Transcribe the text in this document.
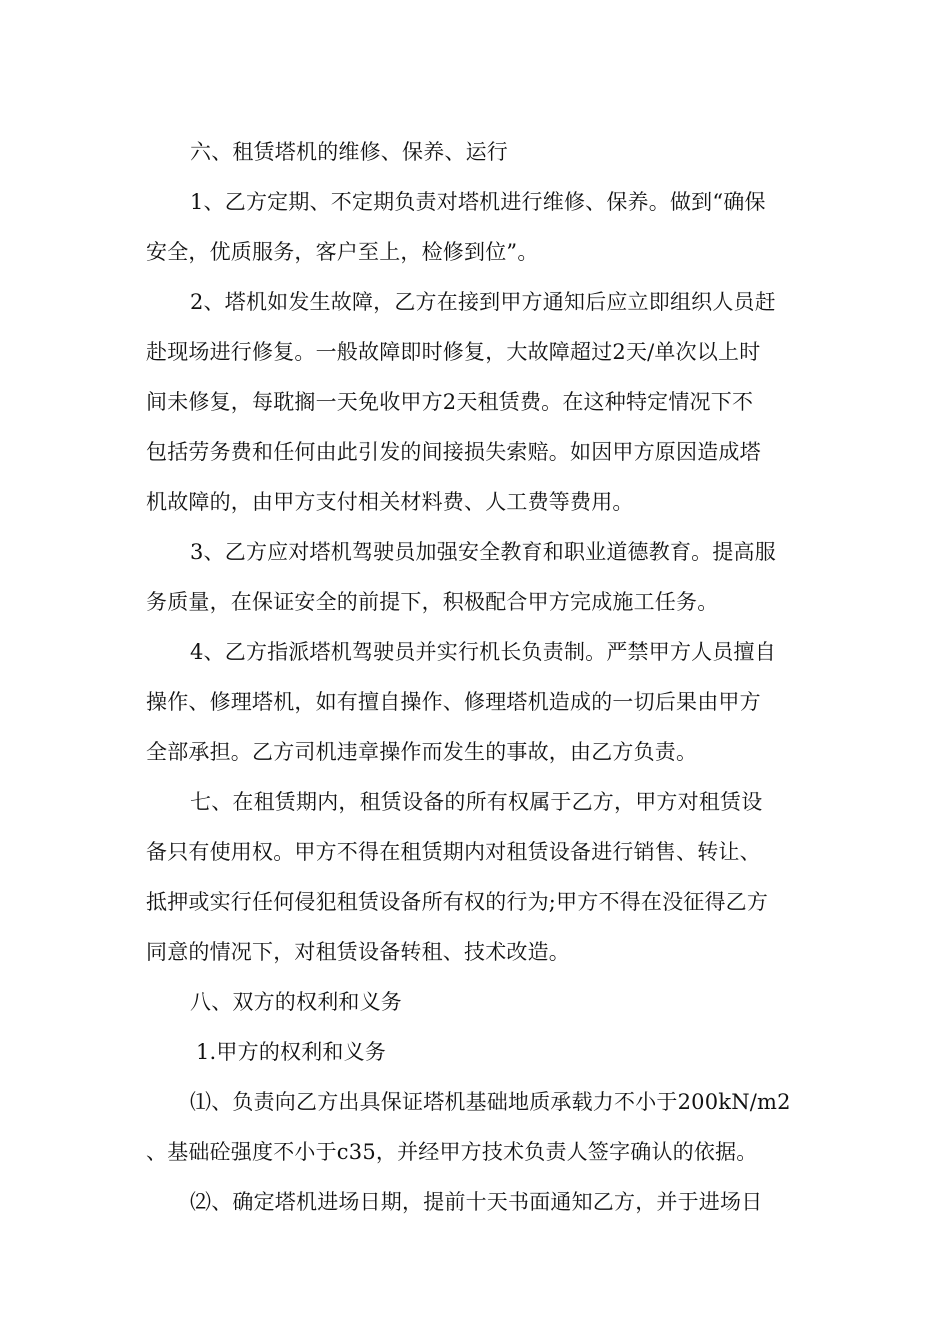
六、租赁塔机的维修、保养、运行
1、乙方定期、不定期负责对塔机进行维修、保养。做到“确保
安全，优质服务，客户至上，检修到位”。
2、塔机如发生故障，乙方在接到甲方通知后应立即组织人员赶
赴现场进行修复。一般故障即时修复，大故障超过2天/单次以上时
间未修复，每耽搁一天免收甲方2天租赁费。在这种特定情况下不
包括劳务费和任何由此引发的间接损失索赔。如因甲方原因造成塔
机故障的，由甲方支付相关材料费、人工费等费用。
3、乙方应对塔机驾驶员加强安全教育和职业道德教育。提高服
务质量，在保证安全的前提下，积极配合甲方完成施工任务。
4、乙方指派塔机驾驶员并实行机长负责制。严禁甲方人员擅自
操作、修理塔机，如有擅自操作、修理塔机造成的一切后果由甲方
全部承担。乙方司机违章操作而发生的事故，由乙方负责。
七、在租赁期内，租赁设备的所有权属于乙方，甲方对租赁设
备只有使用权。甲方不得在租赁期内对租赁设备进行销售、转让、
抵押或实行任何侵犯租赁设备所有权的行为;甲方不得在没征得乙方
同意的情况下，对租赁设备转租、技术改造。
八、双方的权利和义务
1.甲方的权利和义务
⑴、负责向乙方出具保证塔机基础地质承载力不小于200kN/m2
、基础砼强度不小于c35，并经甲方技术负责人签字确认的依据。
⑵、确定塔机进场日期，提前十天书面通知乙方，并于进场日
